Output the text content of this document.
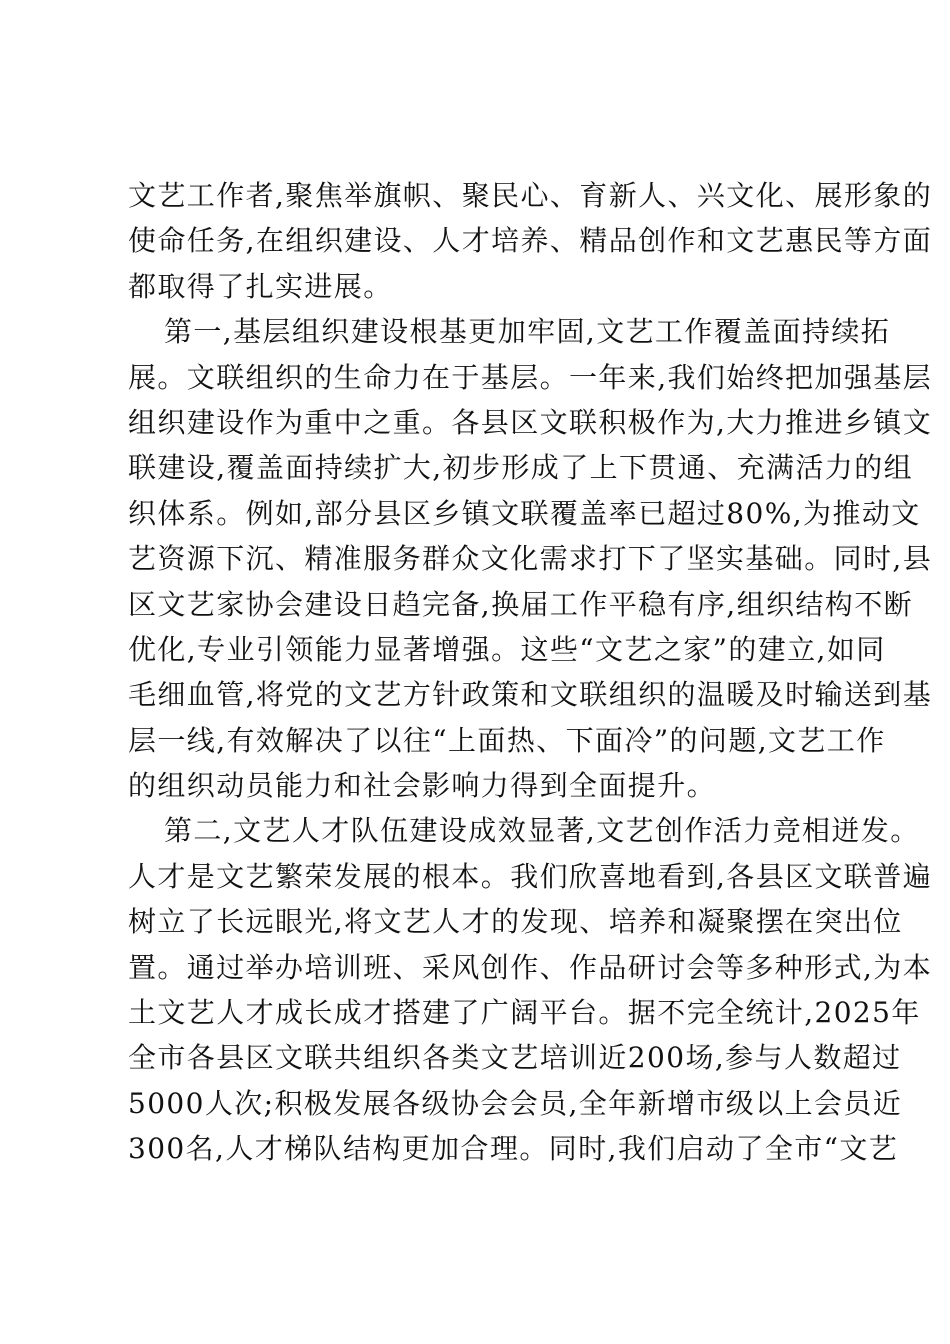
文艺工作者,聚焦举旗帜、聚民心、育新人、兴文化、展形象的
使命任务,在组织建设、人才培养、精品创作和文艺惠民等方面
都取得了扎实进展。
第一,基层组织建设根基更加牢固,文艺工作覆盖面持续拓
展。文联组织的生命力在于基层。一年来,我们始终把加强基层
组织建设作为重中之重。各县区文联积极作为,大力推进乡镇文
联建设,覆盖面持续扩大,初步形成了上下贯通、充满活力的组
织体系。例如,部分县区乡镇文联覆盖率已超过80%,为推动文
艺资源下沉、精准服务群众文化需求打下了坚实基础。同时,县
区文艺家协会建设日趋完备,换届工作平稳有序,组织结构不断
优化,专业引领能力显著增强。这些“文艺之家”的建立,如同
毛细血管,将党的文艺方针政策和文联组织的温暖及时输送到基
层一线,有效解决了以往“上面热、下面冷”的问题,文艺工作
的组织动员能力和社会影响力得到全面提升。
第二,文艺人才队伍建设成效显著,文艺创作活力竞相迸发。
人才是文艺繁荣发展的根本。我们欣喜地看到,各县区文联普遍
树立了长远眼光,将文艺人才的发现、培养和凝聚摆在突出位
置。通过举办培训班、采风创作、作品研讨会等多种形式,为本
土文艺人才成长成才搭建了广阔平台。据不完全统计,2025年
全市各县区文联共组织各类文艺培训近200场,参与人数超过
5000人次;积极发展各级协会会员,全年新增市级以上会员近
300名,人才梯队结构更加合理。同时,我们启动了全市“文艺
